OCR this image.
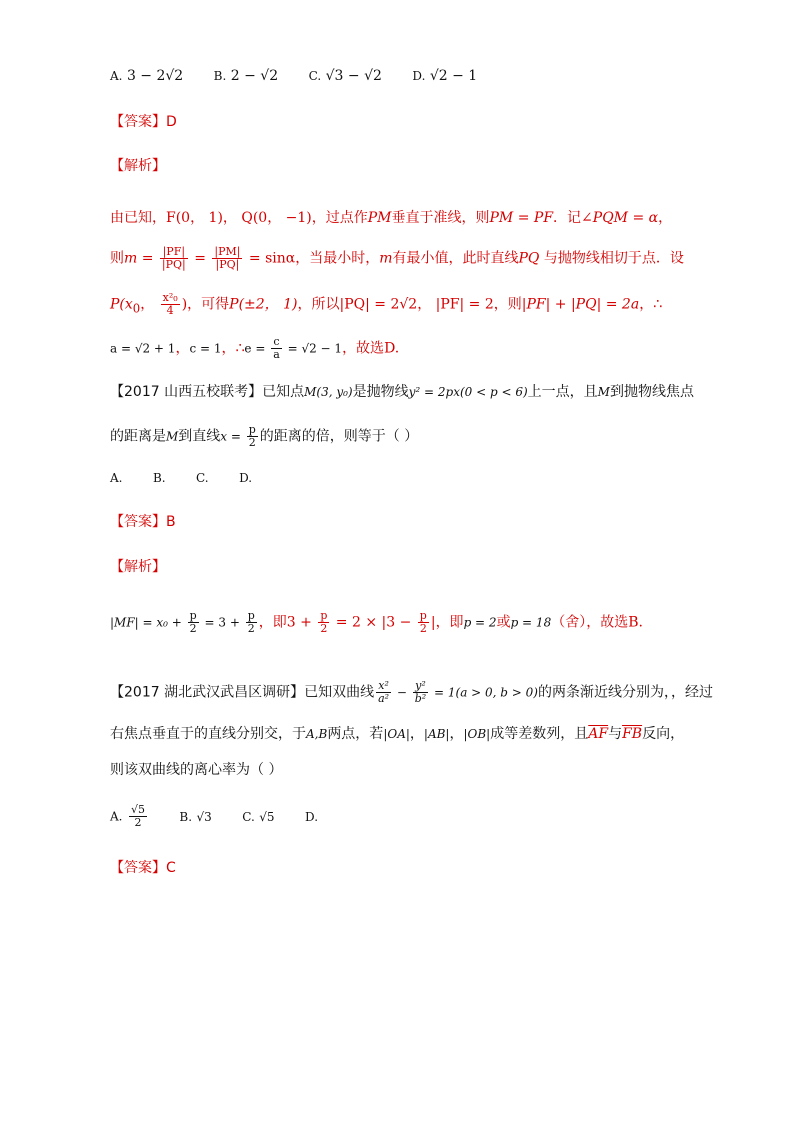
A. 3 − 2√2	B. 2 − √2	C. √3 − √2	D. √2 − 1
【答案】D
【解析】
由已知，F(0， 1)， Q(0， −1)，过点作PM垂直于准线，则PM = PF．记∠PQM = α，
则$m = \frac{|PF|}{|PQ|} = \frac{|PM|}{|PQ|} = \sin\alpha$，当最小时，m有最小值，此时直线PQ 与抛物线相切于点．设
$P(x_0$， $\frac{\text{x²₀}}{4}$ )，可得P(±2， 1)，所以|PQ| = 2√2， |PF| = 2，则|PF| + |PQ| = 2a，∴
a = √2 + 1，c = 1，∴e = $\frac{c}{a} = √2 - 1$，故选D.
【2017 山西五校联考】已知点M(3, y₀)是抛物线y² = 2px(0 < p < 6)上一点，且M到抛物线焦点
的距离是M到直线$x = \frac{p}{2}$ 的距离的倍，则等于（ ）
A.	B.	C.	D.
【答案】B
【解析】
$|MF| = x_0 + \frac{p}{2} = 3 + \frac{p}{2}$ ，即$3 + \frac{p}{2} = 2 \times |3 - \frac{p}{2}$ |，即p = 2或p = 18（舍），故选B.
【2017 湖北武汉武昌区调研】已知双曲线 $\frac{\text{x²}}{\text{a²}} - \frac{\text{y²}}{\text{b²}} = 1(a > 0$, b > 0)的两条渐近线分别为，，经过
右焦点垂直于的直线分别交，于A,B两点，若|OA|，|AB|，|OB|成等差数列，且$\overline{AF}$与$\overline{FB}$反向，
则该双曲线的离心率为（ ）
A. $\frac{√5}{2}$	B. √3	C. √5	D.
【答案】C
